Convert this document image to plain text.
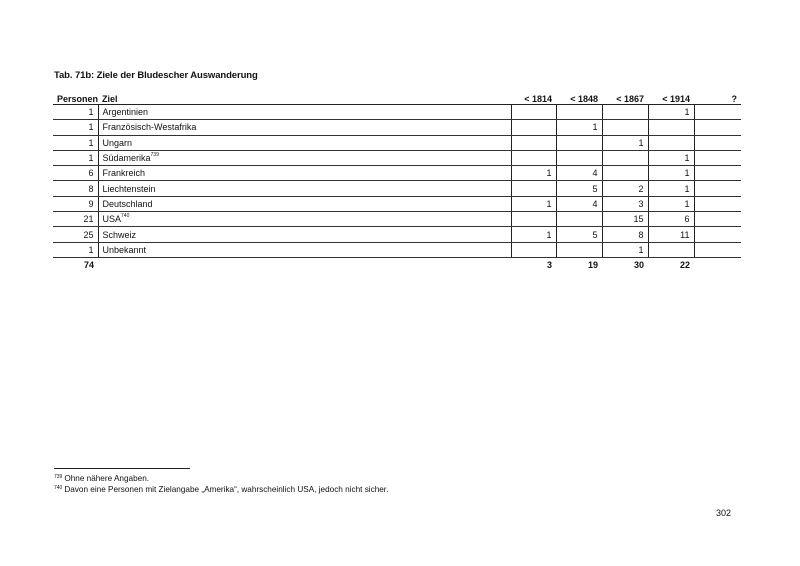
Tab. 71b: Ziele der Bludescher Auswanderung
Personen	Ziel	< 1814	< 1848	< 1867	< 1914	?
1	Argentinien				1	
1	Französisch-Westafrika		1			
1	Ungarn			1		
1	Südamerika$^{739}$				1	
6	Frankreich	1	4		1	
8	Liechtenstein		5	2	1	
9	Deutschland	1	4	3	1	
21	USA$^{740}$			15	6	
25	Schweiz	1	5	8	11	
1	Unbekannt			1		
74		3	19	30	22	
$^{739}$ Ohne nähere Angaben.
$^{740}$ Davon eine Personen mit Zielangabe „Amerika“, wahrscheinlich USA, jedoch nicht sicher.
302
